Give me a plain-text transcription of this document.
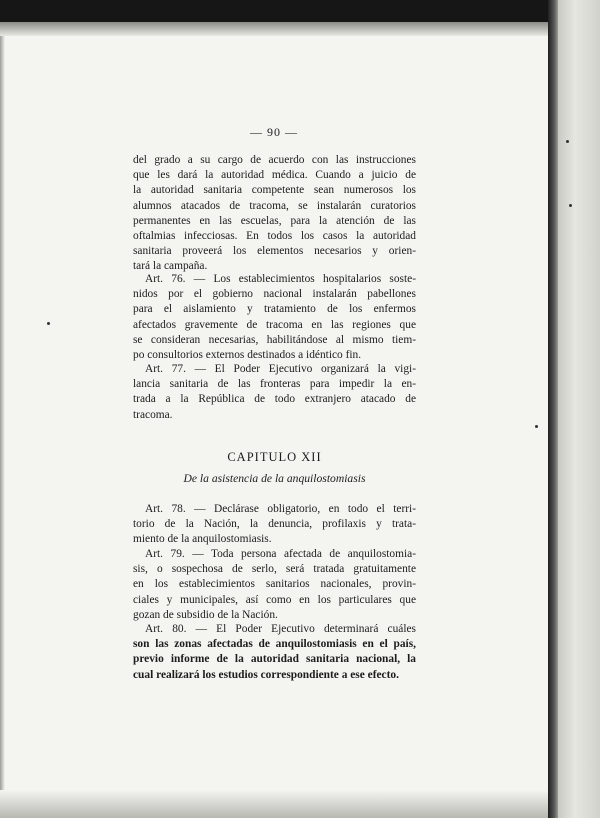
— 90 —
del grado a su cargo de acuerdo con las instrucciones
que les dará la autoridad médica. Cuando a juicio de
la autoridad sanitaria competente sean numerosos los
alumnos atacados de tracoma, se instalarán curatorios
permanentes en las escuelas, para la atención de las
oftalmias infecciosas. En todos los casos la autoridad
sanitaria proveerá los elementos necesarios y orien-
tará la campaña.
Art. 76. — Los establecimientos hospitalarios soste-
nidos por el gobierno nacional instalarán pabellones
para el aislamiento y tratamiento de los enfermos
afectados gravemente de tracoma en las regiones que
se consideran necesarias, habilitándose al mismo tiem-
po consultorios externos destinados a idéntico fin.
Art. 77. — El Poder Ejecutivo organizará la vigi-
lancia sanitaria de las fronteras para impedir la en-
trada a la República de todo extranjero atacado de
tracoma.
CAPITULO XII
De la asistencia de la anquilostomiasis
Art. 78. — Declárase obligatorio, en todo el terri-
torio de la Nación, la denuncia, profilaxis y trata-
miento de la anquilostomiasis.
Art. 79. — Toda persona afectada de anquilostomia-
sis, o sospechosa de serlo, será tratada gratuitamente
en los establecimientos sanitarios nacionales, provin-
ciales y municipales, así como en los particulares que
gozan de subsidio de la Nación.
Art. 80. — El Poder Ejecutivo determinará cuáles
son las zonas afectadas de anquilostomiasis en el país,
previo informe de la autoridad sanitaria nacional, la
cual realizará los estudios correspondiente a ese efecto.
